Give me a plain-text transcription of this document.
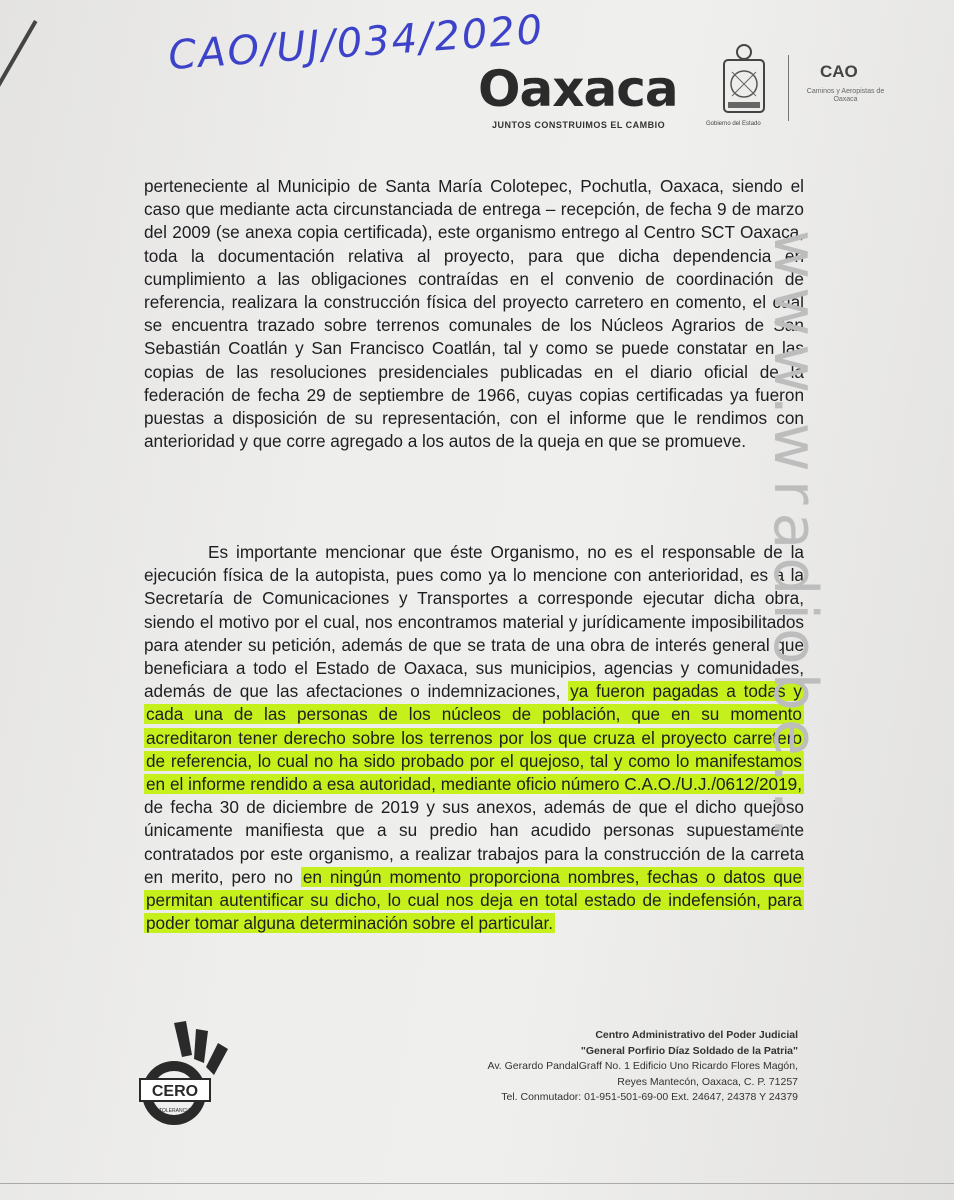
CAO/UJ/034/2020
Oaxaca
JUNTOS CONSTRUIMOS EL CAMBIO	Gobierno del Estado
CAO
Caminos y Aeropistas de Oaxaca

perteneciente al Municipio de Santa María Colotepec, Pochutla, Oaxaca, siendo el caso que mediante acta circunstanciada de entrega – recepción, de fecha 9 de marzo del 2009 (se anexa copia certificada), este organismo entrego al Centro SCT Oaxaca, toda la documentación relativa al proyecto, para que dicha dependencia en cumplimiento a las obligaciones contraídas en el convenio de coordinación de referencia, realizara la construcción física del proyecto carretero en comento, el cual se encuentra trazado sobre terrenos comunales de los Núcleos Agrarios de San Sebastián Coatlán y San Francisco Coatlán, tal y como se puede constatar en las copias de las resoluciones presidenciales publicadas en el diario oficial de la federación de fecha 29 de septiembre de 1966, cuyas copias certificadas ya fueron puestas a disposición de su representación, con el informe que le rendimos con anterioridad y que corre agregado a los autos de la queja en que se promueve.

Es importante mencionar que éste Organismo, no es el responsable de la ejecución física de la autopista, pues como ya lo mencione con anterioridad, es a la Secretaría de Comunicaciones y Transportes a corresponde ejecutar dicha obra, siendo el motivo por el cual, nos encontramos material y jurídicamente imposibilitados para atender su petición, además de que se trata de una obra de interés general que beneficiara a todo el Estado de Oaxaca, sus municipios, agencias y comunidades, además de que las afectaciones o indemnizaciones, ya fueron pagadas a todas y cada una de las personas de los núcleos de población, que en su momento acreditaron tener derecho sobre los terrenos por los que cruza el proyecto carretero de referencia, lo cual no ha sido probado por el quejoso, tal y como lo manifestamos en el informe rendido a esa autoridad, mediante oficio número C.A.O./U.J./0612/2019, de fecha 30 de diciembre de 2019 y sus anexos, además de que el dicho quejoso únicamente manifiesta que a su predio han acudido personas supuestamente contratados por este organismo, a realizar trabajos para la construcción de la carreta en merito, pero no en ningún momento proporciona nombres, fechas o datos que permitan autentificar su dicho, lo cual nos deja en total estado de indefensión, para poder tomar alguna determinación sobre el particular.

www.wradiobe...
CERO
TOLERANCIA
Centro Administrativo del Poder Judicial
"General Porfirio Díaz Soldado de la Patria"
Av. Gerardo PandalGraff No. 1 Edificio Uno Ricardo Flores Magón,
Reyes Mantecón, Oaxaca, C. P. 71257
Tel. Conmutador: 01-951-501-69-00 Ext. 24647, 24378 Y 24379
